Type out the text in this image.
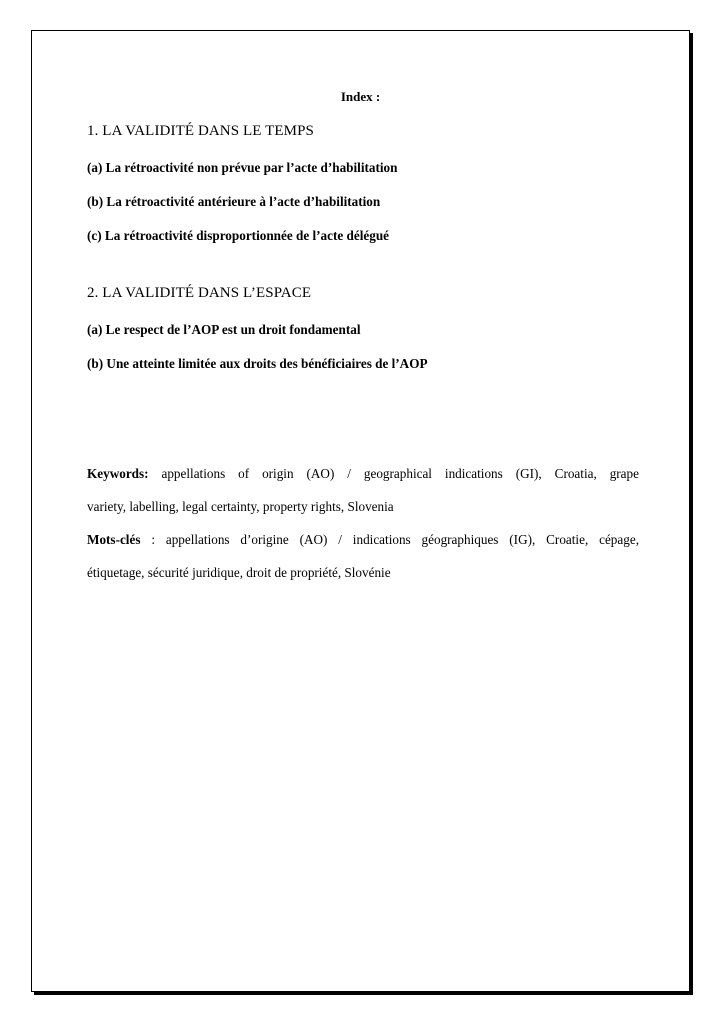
Index :
1. LA VALIDITÉ DANS LE TEMPS
(a) La rétroactivité non prévue par l’acte d’habilitation
(b) La rétroactivité antérieure à l’acte d’habilitation
(c) La rétroactivité disproportionnée de l’acte délégué
2. LA VALIDITÉ DANS L’ESPACE
(a) Le respect de l’AOP est un droit fondamental
(b) Une atteinte limitée aux droits des bénéficiaires de l’AOP
Keywords: appellations of origin (AO) / geographical indications (GI), Croatia, grape
variety, labelling, legal certainty, property rights, Slovenia
Mots-clés : appellations d’origine (AO) / indications géographiques (IG), Croatie, cépage,
étiquetage, sécurité juridique, droit de propriété, Slovénie
